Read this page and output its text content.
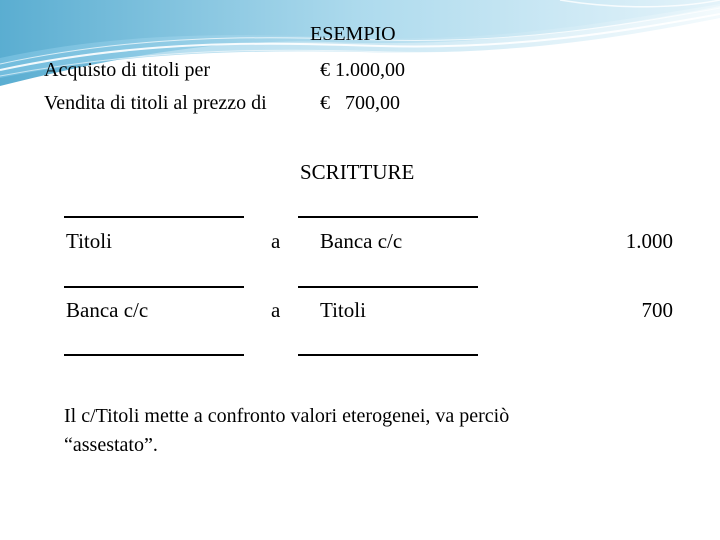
ESEMPIO
Acquisto di titoli per	€ 1.000,00
Vendita di titoli al prezzo di	€   700,00
SCRITTURE
Titoli	a Banca c/c	1.000
Banca c/c	a Titoli	700
Il c/Titoli mette a confronto valori eterogenei, va perciò
“assestato”.
